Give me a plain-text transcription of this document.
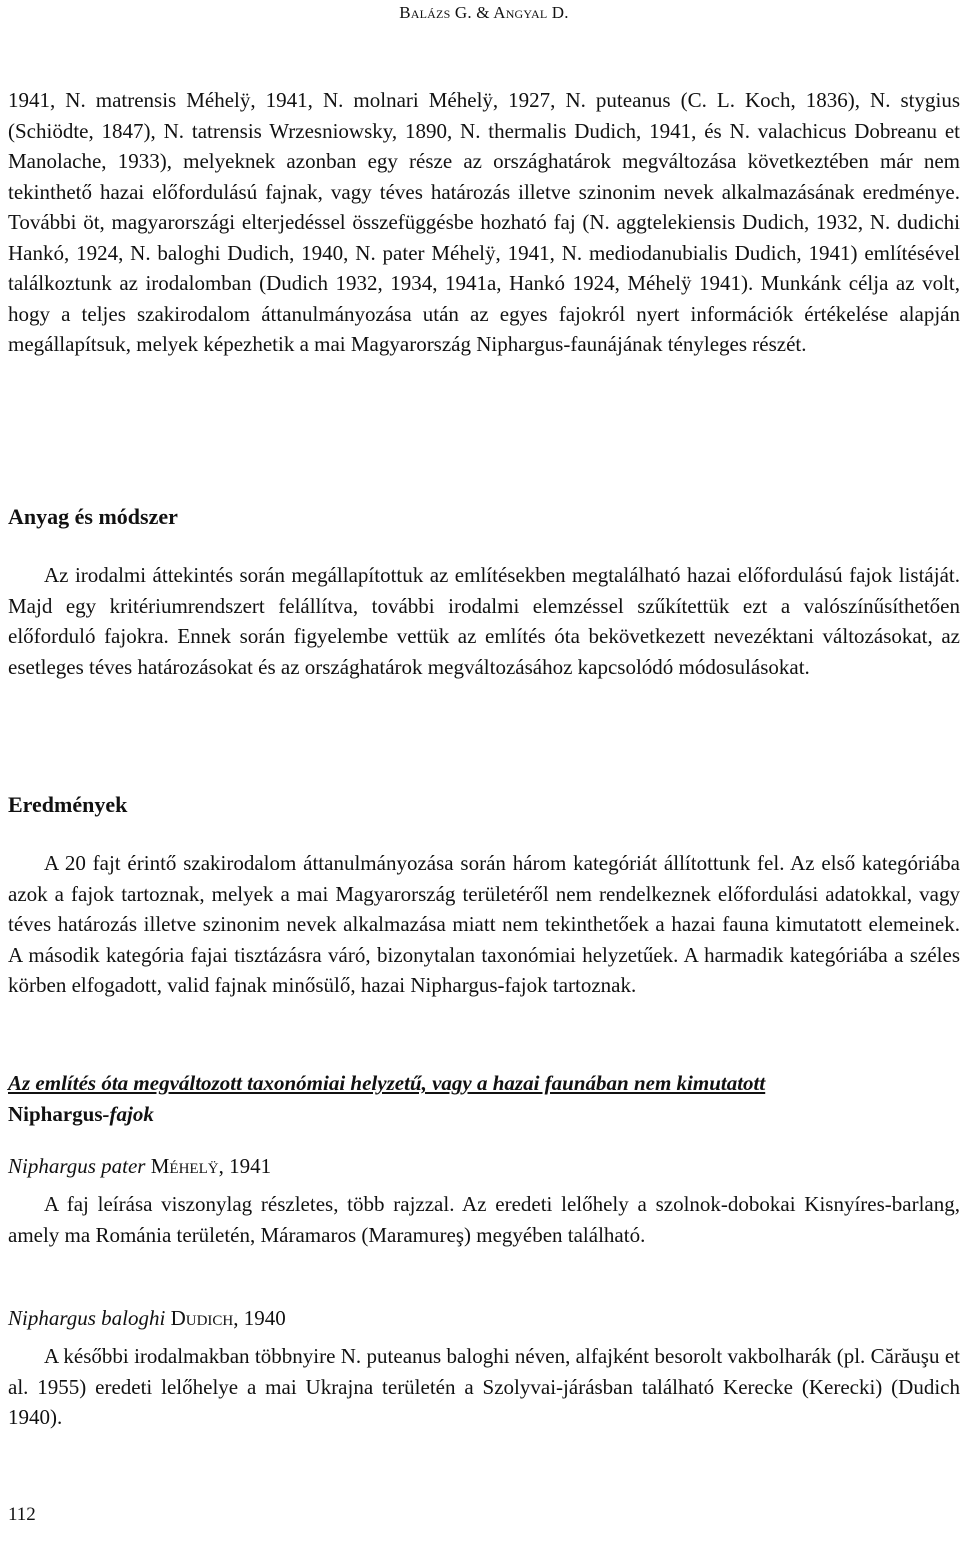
Balázs G. & Angyal D.

1941, N. matrensis Méhelÿ, 1941, N. molnari Méhelÿ, 1927, N. puteanus (C. L. Koch, 1836), N. stygius (Schiödte, 1847), N. tatrensis Wrzesniowsky, 1890, N. thermalis Dudich, 1941, és N. valachicus Dobreanu et Manolache, 1933), melyeknek azonban egy része az országhatárok megváltozása következtében már nem tekinthető hazai előfordulású fajnak, vagy téves határozás illetve szinonim nevek alkalmazásának eredménye. További öt, magyarországi elterjedéssel összefüggésbe hozható faj (N. aggtelekiensis Dudich, 1932, N. dudichi Hankó, 1924, N. baloghi Dudich, 1940, N. pater Méhelÿ, 1941, N. mediodanubialis Dudich, 1941) említésével találkoztunk az irodalomban (Dudich 1932, 1934, 1941a, Hankó 1924, Méhelÿ 1941). Munkánk célja az volt, hogy a teljes szakirodalom áttanulmányozása után az egyes fajokról nyert információk értékelése alapján megállapítsuk, melyek képezhetik a mai Magyarország Niphargus-faunájának tényleges részét.

Anyag és módszer

Az irodalmi áttekintés során megállapítottuk az említésekben megtalálható hazai előfordulású fajok listáját. Majd egy kritériumrendszert felállítva, további irodalmi elemzéssel szűkítettük ezt a valószínűsíthetően előforduló fajokra. Ennek során figyelembe vettük az említés óta bekövetkezett nevezéktani változásokat, az esetleges téves határozásokat és az országhatárok megváltozásához kapcsolódó módosulásokat.

Eredmények

A 20 fajt érintő szakirodalom áttanulmányozása során három kategóriát állítottunk fel. Az első kategóriába azok a fajok tartoznak, melyek a mai Magyarország területéről nem rendelkeznek előfordulási adatokkal, vagy téves határozás illetve szinonim nevek alkalmazása miatt nem tekinthetőek a hazai fauna kimutatott elemeinek. A második kategória fajai tisztázásra váró, bizonytalan taxonómiai helyzetűek. A harmadik kategóriába a széles körben elfogadott, valid fajnak minősülő, hazai Niphargus-fajok tartoznak.

Az említés óta megváltozott taxonómiai helyzetű, vagy a hazai faunában nem kimutatott
Niphargus-fajok
Niphargus pater Méhelÿ, 1941

A faj leírása viszonylag részletes, több rajzzal. Az eredeti lelőhely a szolnok-dobokai Kisnyíres-barlang, amely ma Románia területén, Máramaros (Maramureş) megyében található.

Niphargus baloghi Dudich, 1940

A későbbi irodalmakban többnyire N. puteanus baloghi néven, alfajként besorolt vakbolharák (pl. Cărăuşu et al. 1955) eredeti lelőhelye a mai Ukrajna területén a Szolyvai-járásban található Kerecke (Kerecki) (Dudich 1940).

112
